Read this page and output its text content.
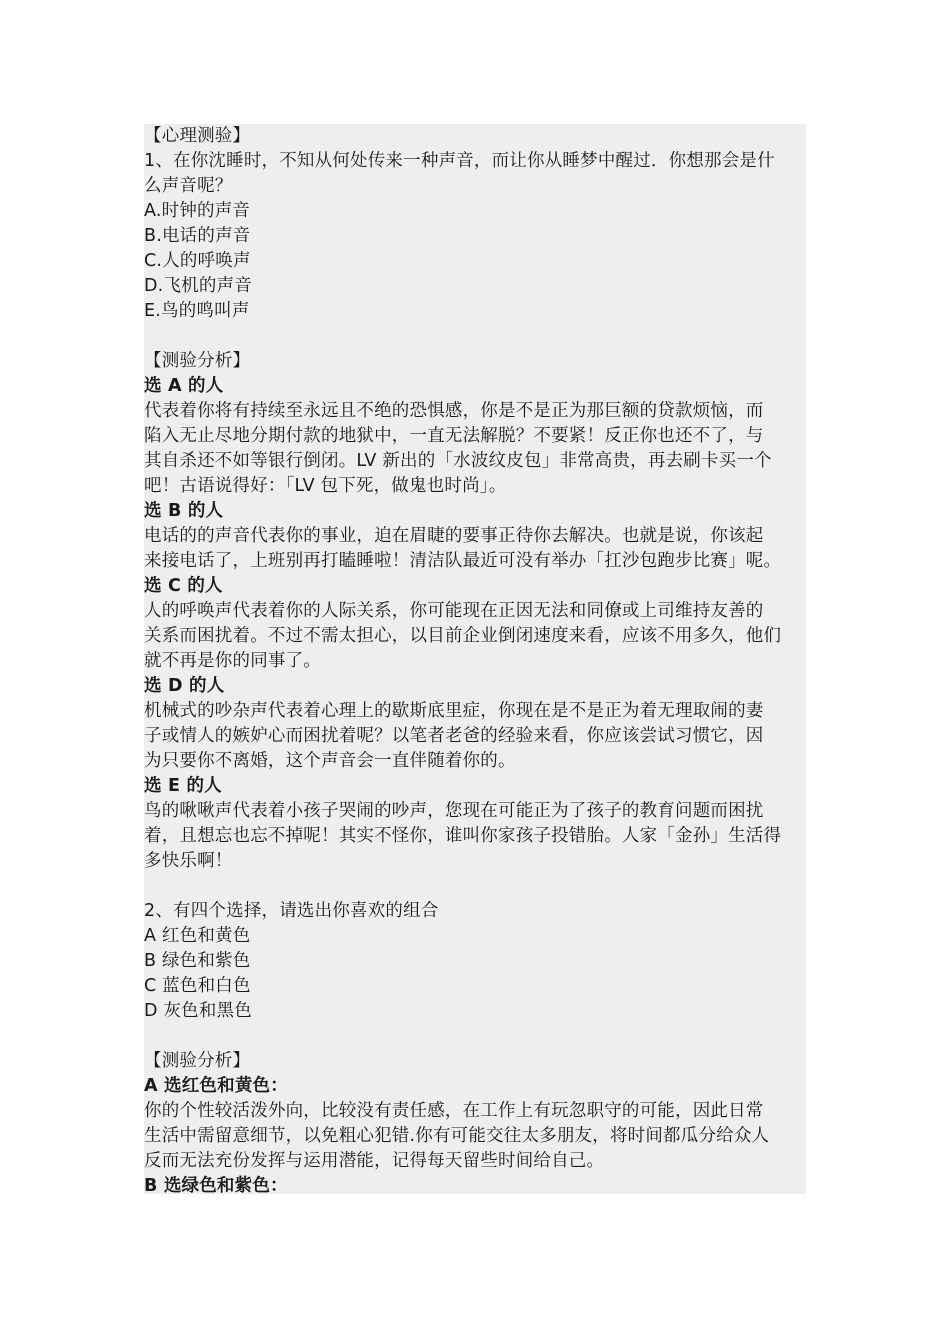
【心理测验】
1、在你沈睡时，不知从何处传来一种声音，而让你从睡梦中醒过．你想那会是什
么声音呢？
A.时钟的声音
B.电话的声音
C.人的呼唤声
D.飞机的声音
E.鸟的鸣叫声
【测验分析】
选 A 的人
代表着你将有持续至永远且不绝的恐惧感，你是不是正为那巨额的贷款烦恼，而
陷入无止尽地分期付款的地狱中，一直无法解脱？不要紧！反正你也还不了，与
其自杀还不如等银行倒闭。LV 新出的「水波纹皮包」非常高贵，再去刷卡买一个
吧！古语说得好：「LV 包下死，做鬼也时尚」。
选 B 的人
电话的的声音代表你的事业，迫在眉睫的要事正待你去解决。也就是说，你该起
来接电话了，上班别再打瞌睡啦！清洁队最近可没有举办「扛沙包跑步比赛」呢。
选 C 的人
人的呼唤声代表着你的人际关系，你可能现在正因无法和同僚或上司维持友善的
关系而困扰着。不过不需太担心，以目前企业倒闭速度来看，应该不用多久，他们
就不再是你的同事了。
选 D 的人
机械式的吵杂声代表着心理上的歇斯底里症，你现在是不是正为着无理取闹的妻
子或情人的嫉妒心而困扰着呢？以笔者老爸的经验来看，你应该尝试习惯它，因
为只要你不离婚，这个声音会一直伴随着你的。
选 E 的人
鸟的啾啾声代表着小孩子哭闹的吵声，您现在可能正为了孩子的教育问题而困扰
着，且想忘也忘不掉呢！其实不怪你，谁叫你家孩子投错胎。人家「金孙」生活得
多快乐啊！
2、有四个选择，请选出你喜欢的组合
A 红色和黄色
B 绿色和紫色
C 蓝色和白色
D 灰色和黑色
【测验分析】
A 选红色和黄色：
你的个性较活泼外向，比较没有责任感，在工作上有玩忽职守的可能，因此日常
生活中需留意细节，以免粗心犯错.你有可能交往太多朋友，将时间都瓜分给众人
反而无法充份发挥与运用潜能，记得每天留些时间给自己。
B 选绿色和紫色：
